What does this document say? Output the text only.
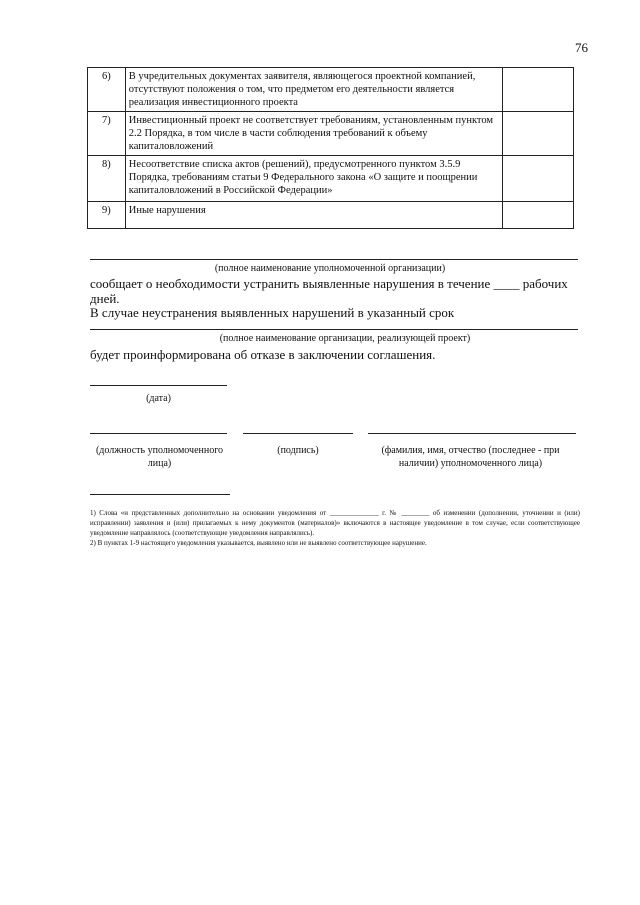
76
6)	В учредительных документах заявителя, являющегося проектной компанией, отсутствуют положения о том, что предметом его деятельности является реализация инвестиционного проекта	
7)	Инвестиционный проект не соответствует требованиям, установленным пунктом 2.2 Порядка, в том числе в части соблюдения требований к объему капиталовложений	
8)	Несоответствие списка актов (решений), предусмотренного пунктом 3.5.9 Порядка, требованиям статьи 9 Федерального закона «О защите и поощрении капиталовложений в Российской Федерации»	
9)	Иные нарушения	
(полное наименование уполномоченной организации)
сообщает о необходимости устранить выявленные нарушения в течение ____ рабочих дней.
В случае неустранения выявленных нарушений в указанный срок
(полное наименование организации, реализующей проект)
будет проинформирована об отказе в заключении соглашения.
(дата)
(должность уполномоченного лица)
(подпись)	(фамилия, имя, отчество (последнее - при наличии) уполномоченного лица)

1) Слова «и представленных дополнительно на основании уведомления от ______________ г. № ________ об изменении (дополнении, уточнении и (или) исправлении) заявления и (или) прилагаемых к нему документов (материалов)» включаются в настоящее уведомление в том случае, если соответствующее уведомление направлялось (соответствующие уведомления направлялись).

2) В пунктах 1-9 настоящего уведомления указывается, выявлено или не выявлено соответствующее нарушение.
